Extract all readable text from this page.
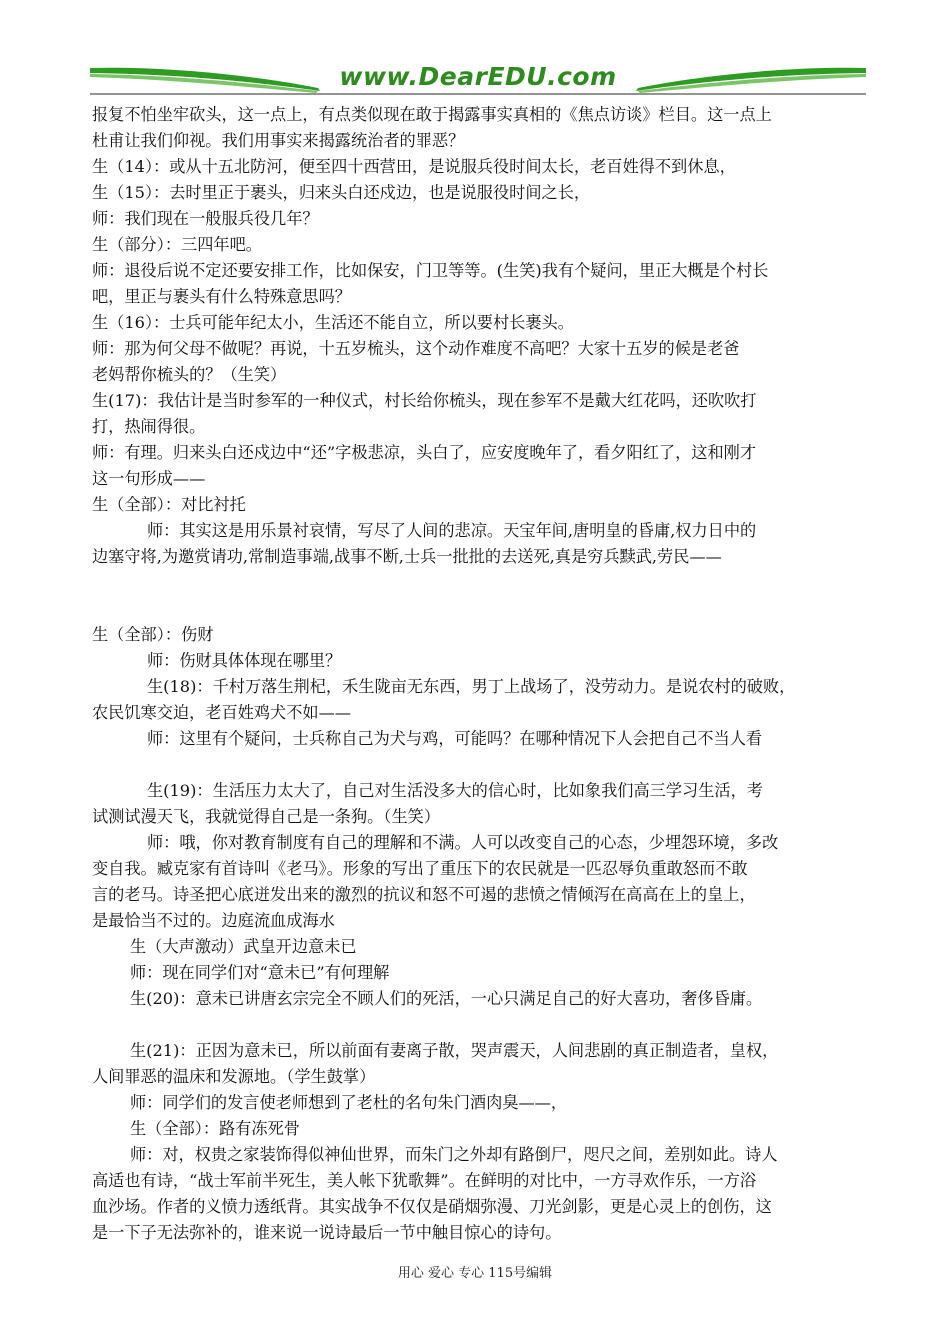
www.DearEDU.com
报复不怕坐牢砍头，这一点上，有点类似现在敢于揭露事实真相的《焦点访谈》栏目。这一点上
杜甫让我们仰视。我们用事实来揭露统治者的罪恶？
生（14）：或从十五北防河，便至四十西营田，是说服兵役时间太长，老百姓得不到休息，
生（15）：去时里正于裹头，归来头白还戍边，也是说服役时间之长，
师：我们现在一般服兵役几年？
生（部分）：三四年吧。
师：退役后说不定还要安排工作，比如保安，门卫等等。(生笑)我有个疑问，里正大概是个村长
吧，里正与裹头有什么特殊意思吗？
生（16）：士兵可能年纪太小，生活还不能自立，所以要村长裹头。
师：那为何父母不做呢？再说，十五岁梳头，这个动作难度不高吧？大家十五岁的候是老爸
老妈帮你梳头的？（生笑）
生(17)：我估计是当时参军的一种仪式，村长给你梳头，现在参军不是戴大红花吗，还吹吹打
打，热闹得很。
师：有理。归来头白还戍边中“还”字极悲凉，头白了，应安度晚年了，看夕阳红了，这和刚才
这一句形成——
生（全部）：对比衬托
师：其实这是用乐景衬哀情，写尽了人间的悲凉。天宝年间,唐明皇的昏庸,权力日中的
边塞守将,为邀赏请功,常制造事端,战事不断,士兵一批批的去送死,真是穷兵黩武,劳民——
生（全部）：伤财
师：伤财具体体现在哪里？
生(18)：千村万落生荆杞，禾生陇亩无东西，男丁上战场了，没劳动力。是说农村的破败，
农民饥寒交迫，老百姓鸡犬不如——
师：这里有个疑问，士兵称自己为犬与鸡，可能吗？在哪种情况下人会把自己不当人看
生(19)：生活压力太大了，自己对生活没多大的信心时，比如象我们高三学习生活，考
试测试漫天飞，我就觉得自己是一条狗。（生笑）
师：哦，你对教育制度有自己的理解和不满。人可以改变自己的心态，少埋怨环境，多改
变自我。臧克家有首诗叫《老马》。形象的写出了重压下的农民就是一匹忍辱负重敢怒而不敢
言的老马。诗圣把心底迸发出来的激烈的抗议和怒不可遏的悲愤之情倾泻在高高在上的皇上，
是最恰当不过的。边庭流血成海水
生（大声激动）武皇开边意未已
师：现在同学们对“意未已”有何理解
生(20)：意未已讲唐玄宗完全不顾人们的死活，一心只满足自己的好大喜功，奢侈昏庸。
生(21)：正因为意未已，所以前面有妻离子散，哭声震天，人间悲剧的真正制造者，皇权，
人间罪恶的温床和发源地。（学生鼓掌）
师：同学们的发言使老师想到了老杜的名句朱门酒肉臭——，
生（全部）：路有冻死骨
师：对，权贵之家装饰得似神仙世界，而朱门之外却有路倒尸，咫尺之间，差别如此。诗人
高适也有诗，“战士军前半死生，美人帐下犹歌舞”。在鲜明的对比中，一方寻欢作乐，一方浴
血沙场。作者的义愤力透纸背。其实战争不仅仅是硝烟弥漫、刀光剑影，更是心灵上的创伤，这
是一下子无法弥补的，谁来说一说诗最后一节中触目惊心的诗句。
用心 爱心 专心 115号编辑
